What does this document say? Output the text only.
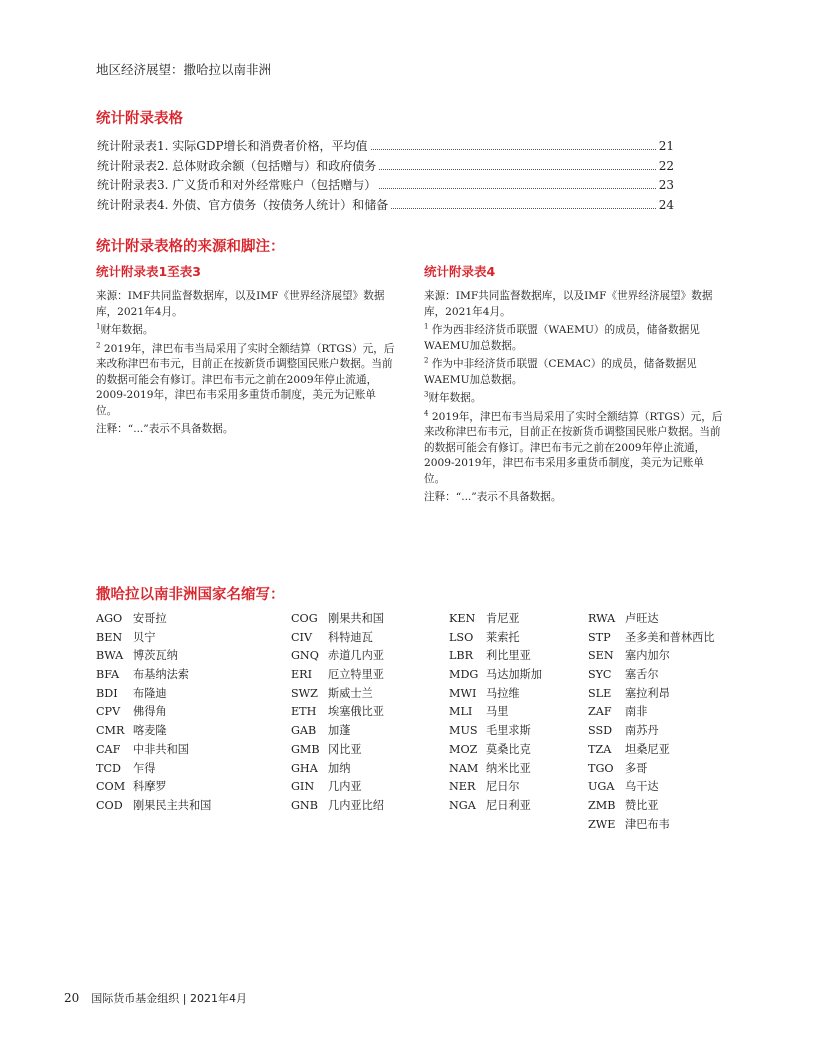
地区经济展望：撒哈拉以南非洲
统计附录表格
统计附录表1. 实际GDP增长和消费者价格，平均值	21
统计附录表2. 总体财政余额（包括赠与）和政府债务	22
统计附录表3. 广义货币和对外经常账户（包括赠与）	23
统计附录表4. 外债、官方债务（按债务人统计）和储备	24
统计附录表格的来源和脚注：
统计附录表1至表3

来源：IMF共同监督数据库，以及IMF《世界经济展望》数据库，2021年4月。

$^1$财年数据。

$^2$ 2019年，津巴布韦当局采用了实时全额结算（RTGS）元，后来改称津巴布韦元，目前正在按新货币调整国民账户数据。当前的数据可能会有修订。津巴布韦元之前在2009年停止流通，2009-2019年，津巴布韦采用多重货币制度，美元为记账单位。

注释：“...”表示不具备数据。

统计附录表4

来源：IMF共同监督数据库，以及IMF《世界经济展望》数据库，2021年4月。

$^1$ 作为西非经济货币联盟（WAEMU）的成员，储备数据见WAEMU加总数据。

$^2$ 作为中非经济货币联盟（CEMAC）的成员，储备数据见WAEMU加总数据。

$^3$财年数据。

$^4$ 2019年，津巴布韦当局采用了实时全额结算（RTGS）元，后来改称津巴布韦元，目前正在按新货币调整国民账户数据。当前的数据可能会有修订。津巴布韦元之前在2009年停止流通，2009-2019年，津巴布韦采用多重货币制度，美元为记账单位。

注释：“...”表示不具备数据。

撒哈拉以南非洲国家名缩写：
AGO 安哥拉
BEN 贝宁
BWA 博茨瓦纳
BFA 布基纳法索
BDI 布隆迪
CPV 佛得角
CMR 喀麦隆
CAF 中非共和国
TCD 乍得
COM 科摩罗
COD 刚果民主共和国
COG 刚果共和国
CIV 科特迪瓦
GNQ 赤道几内亚
ERI 厄立特里亚
SWZ 斯威士兰
ETH 埃塞俄比亚
GAB 加蓬
GMB 冈比亚
GHA 加纳
GIN 几内亚
GNB 几内亚比绍
KEN 肯尼亚
LSO 莱索托
LBR 利比里亚
MDG 马达加斯加
MWI 马拉维
MLI 马里
MUS 毛里求斯
MOZ 莫桑比克
NAM 纳米比亚
NER 尼日尔
NGA 尼日利亚
RWA 卢旺达
STP 圣多美和普林西比
SEN 塞内加尔
SYC 塞舌尔
SLE 塞拉利昂
ZAF 南非
SSD 南苏丹
TZA 坦桑尼亚
TGO 多哥
UGA 乌干达
ZMB 赞比亚
ZWE 津巴布韦
20 国际货币基金组织 | 2021年4月
